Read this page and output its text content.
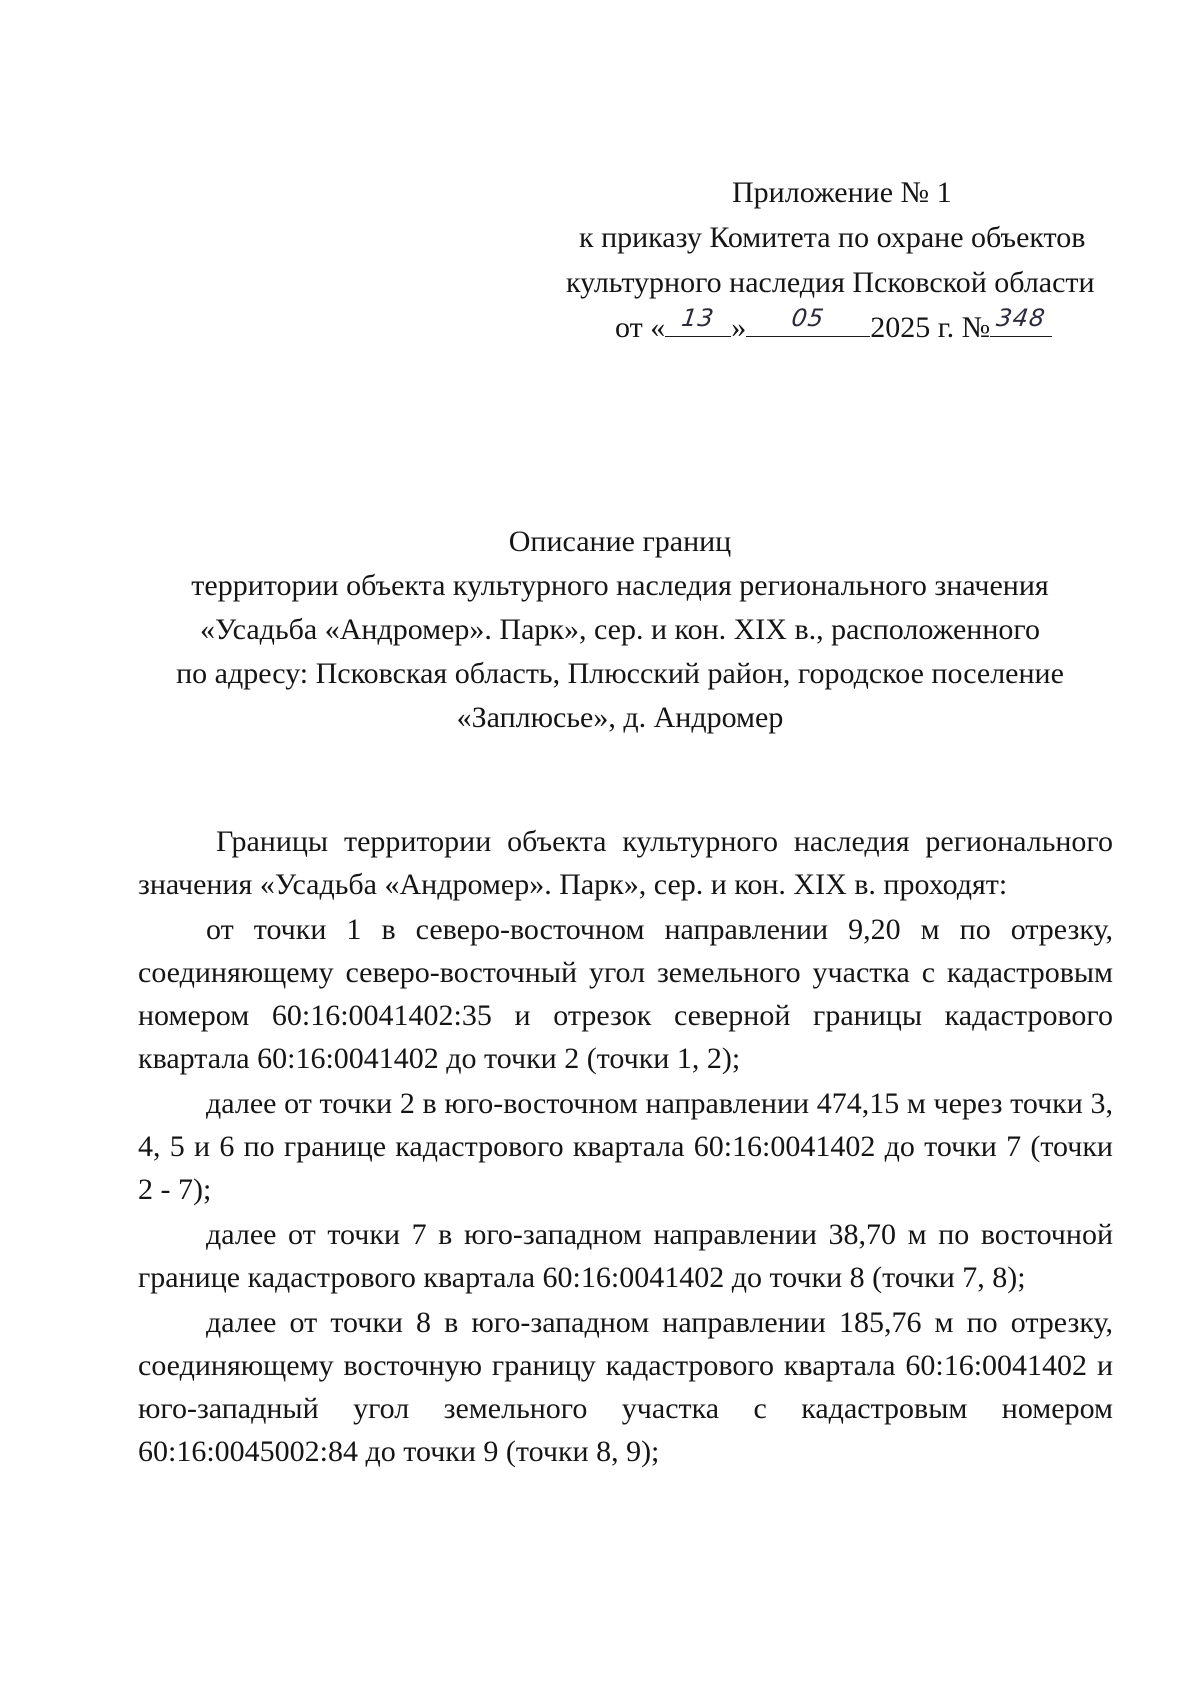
Приложение № 1
к приказу Комитета по охране объектов
культурного наследия Псковской области
от « 13 »	05	2025 г. № 348
Описание границ
территории объекта культурного наследия регионального значения
«Усадьба «Андромер». Парк», сер. и кон. XIX в., расположенного
по адресу: Псковская область, Плюсский район, городское поселение
«Заплюсье», д. Андромер

Границы территории объекта культурного наследия регионального значения «Усадьба «Андромер». Парк», сер. и кон. XIX в. проходят:

от точки 1 в северо-восточном направлении 9,20 м по отрезку, соединяющему северо-восточный угол земельного участка с кадастровым номером 60:16:0041402:35 и отрезок северной границы кадастрового квартала 60:16:0041402 до точки 2 (точки 1, 2);

далее от точки 2 в юго-восточном направлении 474,15 м через точки 3, 4, 5 и 6 по границе кадастрового квартала 60:16:0041402 до точки 7 (точки 2 - 7);

далее от точки 7 в юго-западном направлении 38,70 м по восточной границе кадастрового квартала 60:16:0041402 до точки 8 (точки 7, 8);

далее от точки 8 в юго-западном направлении 185,76 м по отрезку, соединяющему восточную границу кадастрового квартала 60:16:0041402 и юго-западный угол земельного участка с кадастровым номером 60:16:0045002:84 до точки 9 (точки 8, 9);
